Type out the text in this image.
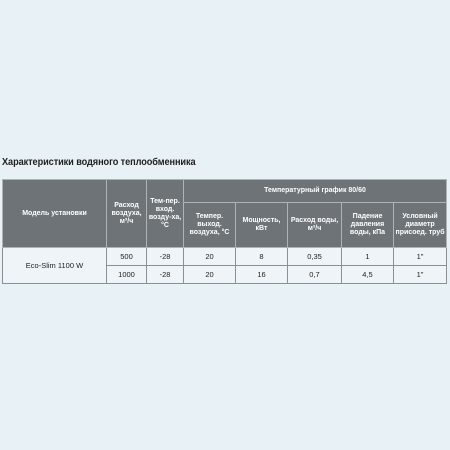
Характеристики водяного теплообменника
Модель установки	Расход воздуха, м³/ч	Тем-пер. вход. возду-ха, °С	Температурный график 80/60				
			Темпер. выход. воздуха, °С	Мощность, кВт	Расход воды, м³/ч	Падение давления воды, кПа	Условный диаметр присоед. труб
Eco-Slim 1100 W	500	-28	20	8	0,35	1	1"
	1000	-28	20	16	0,7	4,5	1"
